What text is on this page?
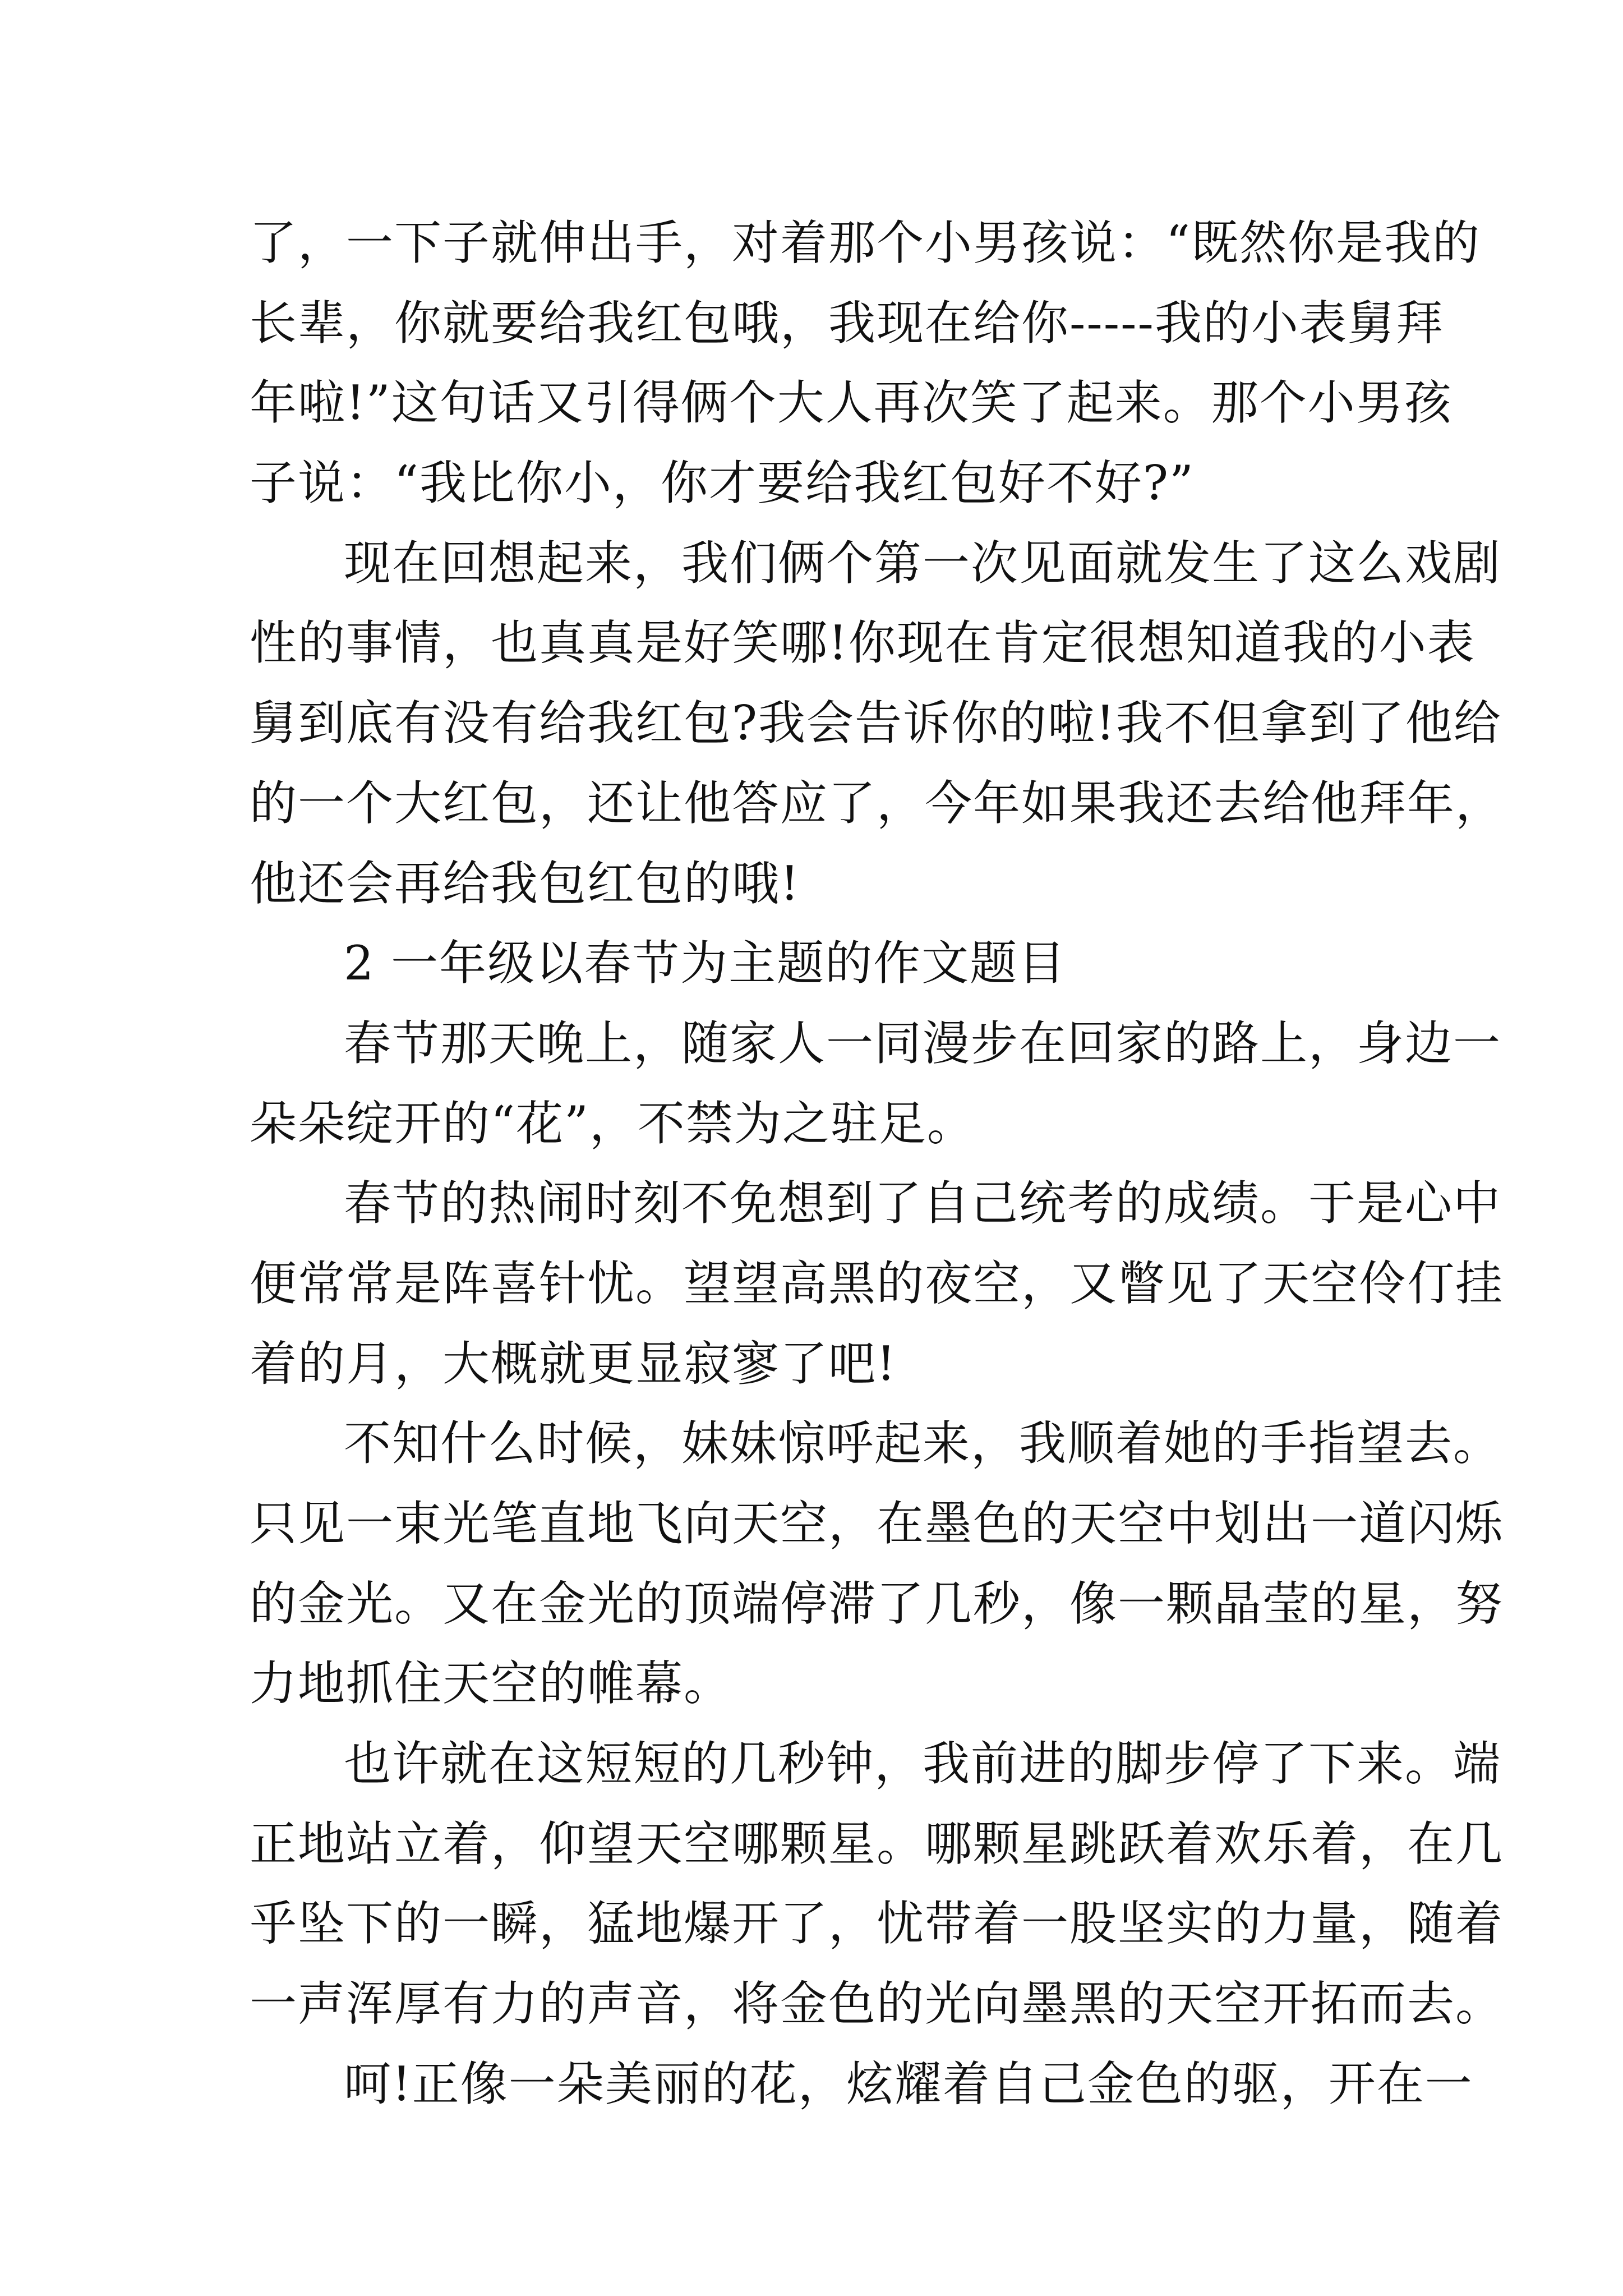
了，一下子就伸出手，对着那个小男孩说：“既然你是我的
长辈，你就要给我红包哦，我现在给你-----我的小表舅拜
年啦!”这句话又引得俩个大人再次笑了起来。那个小男孩
子说：“我比你小，你才要给我红包好不好?”
现在回想起来，我们俩个第一次见面就发生了这么戏剧
性的事情，也真真是好笑哪!你现在肯定很想知道我的小表
舅到底有没有给我红包?我会告诉你的啦!我不但拿到了他给
的一个大红包，还让他答应了，今年如果我还去给他拜年，
他还会再给我包红包的哦!
2 一年级以春节为主题的作文题目
春节那天晚上，随家人一同漫步在回家的路上，身边一
朵朵绽开的“花”，不禁为之驻足。
春节的热闹时刻不免想到了自己统考的成绩。于是心中
便常常是阵喜针忧。望望高黑的夜空，又瞥见了天空伶仃挂
着的月，大概就更显寂寥了吧!
不知什么时候，妹妹惊呼起来，我顺着她的手指望去。
只见一束光笔直地飞向天空，在墨色的天空中划出一道闪烁
的金光。又在金光的顶端停滞了几秒，像一颗晶莹的星，努
力地抓住天空的帷幕。
也许就在这短短的几秒钟，我前进的脚步停了下来。端
正地站立着，仰望天空哪颗星。哪颗星跳跃着欢乐着，在几
乎坠下的一瞬，猛地爆开了，忧带着一股坚实的力量，随着
一声浑厚有力的声音，将金色的光向墨黑的天空开拓而去。
呵!正像一朵美丽的花，炫耀着自己金色的驱，开在一
